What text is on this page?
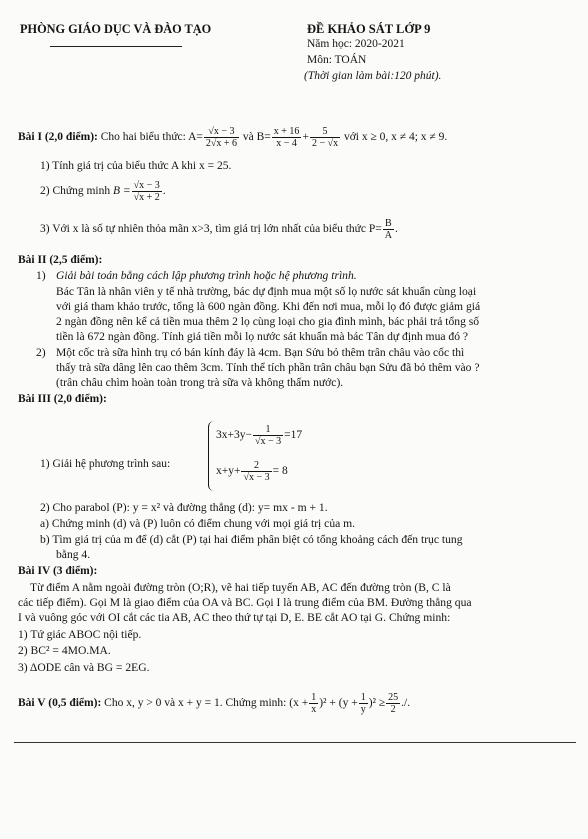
PHÒNG GIÁO DỤC VÀ ĐÀO TẠO	ĐỀ KHẢO SÁT LỚP 9
Năm học: 2020-2021
Môn: TOÁN
(Thời gian làm bài:120 phút).
Bài I (2,0 điểm): Cho hai biểu thức: $A= \frac{√x - 3}{2√x + 6}$ và $B= \frac{x + 16}{x - 4} + \frac{5}{2 - √x}$ với x ≥ 0, x ≠ 4; x ≠ 9.
1) Tính giá trị của biểu thức A khi x = 25.
2) Chứng minh $B = \frac{√x - 3}{√x + 2}$ .
3) Với x là số tự nhiên thỏa mãn x>3, tìm giá trị lớn nhất của biểu thức $P= \frac{B}{A}$ .
Bài II (2,5 điểm):
1) Giải bài toán bằng cách lập phương trình hoặc hệ phương trình.
Bác Tân là nhân viên y tế nhà trường, bác dự định mua một số lọ nước sát khuẩn cùng loại
với giá tham khảo trước, tổng là 600 ngàn đồng. Khi đến nơi mua, mỗi lọ đó được giảm giá
2 ngàn đồng nên kể cả tiền mua thêm 2 lọ cùng loại cho gia đình mình, bác phải trả tổng số
tiền là 672 ngàn đồng. Tính giá tiền mỗi lọ nước sát khuẩn mà bác Tân dự định mua đó ?
2) Một cốc trà sữa hình trụ có bán kính đáy là 4cm. Bạn Sửu bỏ thêm trân châu vào cốc thì
thấy trà sữa dâng lên cao thêm 3cm. Tính thể tích phần trân châu bạn Sửu đã bỏ thêm vào ?
(trân châu chìm hoàn toàn trong trà sữa và không thấm nước).
Bài III (2,0 điểm):
1) Giải hệ phương trình sau:
$3x+3y- \frac{1}{√x - 3} =17$
$x+y+ \frac{2}{√x - 3} = 8$
2) Cho parabol (P): y = x² và đường thẳng (d): y= mx - m + 1.
a) Chứng minh (d) và (P) luôn có điểm chung với mọi giá trị của m.
b) Tìm giá trị của m để (d) cắt (P) tại hai điểm phân biệt có tổng khoảng cách đến trục tung
bằng 4.
Bài IV (3 điểm):
Từ điểm A nằm ngoài đường tròn (O;R), vẽ hai tiếp tuyến AB, AC đến đường tròn (B, C là
các tiếp điểm). Gọi M là giao điểm của OA và BC. Gọi I là trung điểm của BM. Đường thẳng qua
I và vuông góc với OI cắt các tia AB, AC theo thứ tự tại D, E. BE cắt AO tại G. Chứng minh:
1) Tứ giác ABOC nội tiếp.
2) BC² = 4MO.MA.
3) ΔODE cân và BG = 2EG.
Bài V (0,5 điểm): Cho x, y > 0 và x + y = 1. Chứng minh: $(x + \frac{1}{x} )^2 + (y + \frac{1}{y} )^2 \ge \frac{25}{2}$ ./.
